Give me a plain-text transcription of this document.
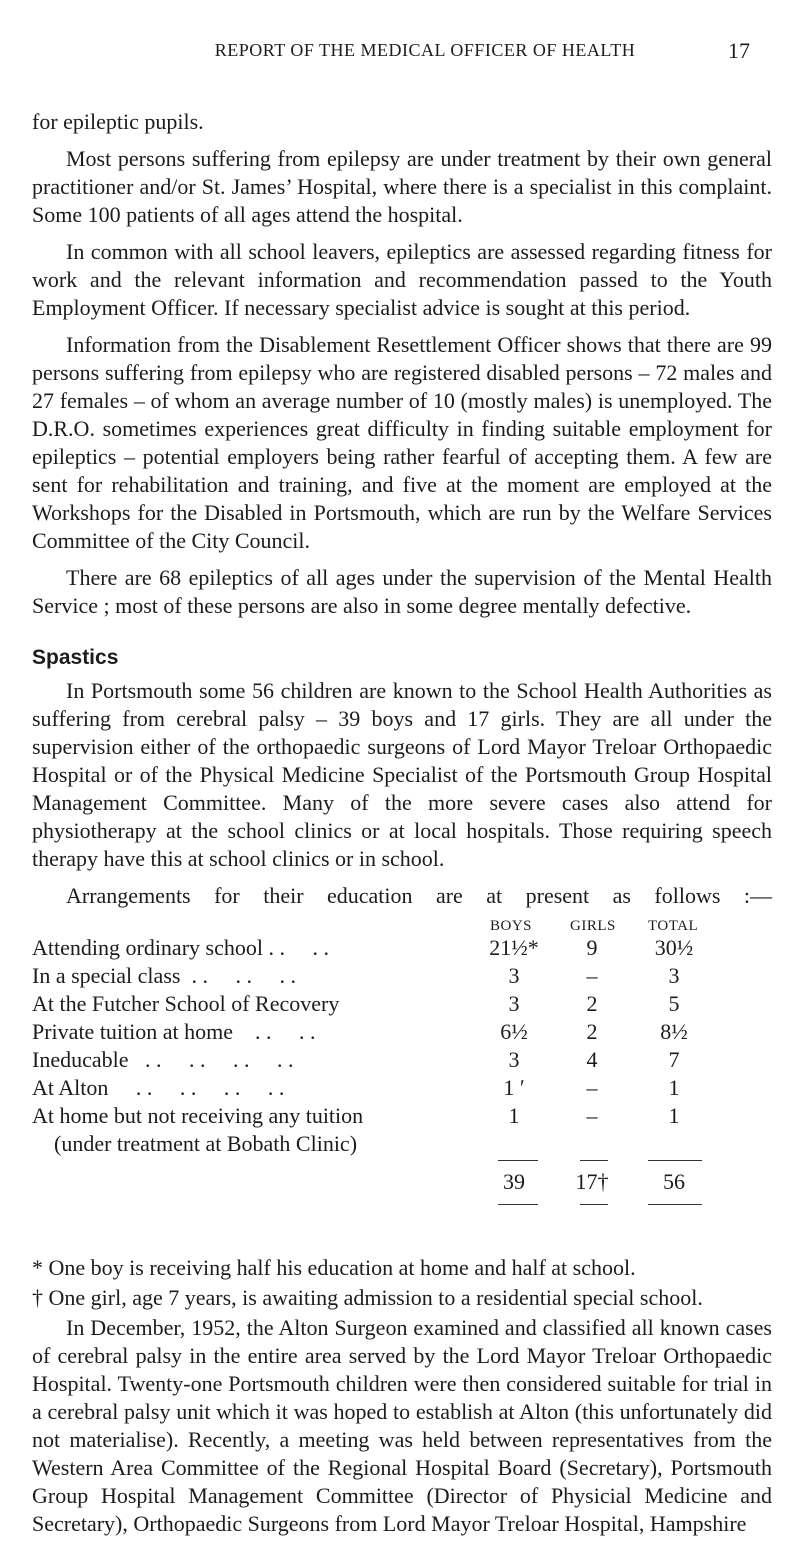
REPORT OF THE MEDICAL OFFICER OF HEALTH	17

for epileptic pupils.

Most persons suffering from epilepsy are under treatment by their own general practitioner and/or St. James’ Hospital, where there is a specialist in this complaint. Some 100 patients of all ages attend the hospital.

In common with all school leavers, epileptics are assessed regarding fitness for work and the relevant information and recommendation passed to the Youth Employment Officer. If necessary specialist advice is sought at this period.

Information from the Disablement Resettlement Officer shows that there are 99 persons suffering from epilepsy who are registered disabled persons – 72 males and 27 females – of whom an average number of 10 (mostly males) is unemployed. The D.R.O. sometimes experiences great difficulty in finding suitable employment for epileptics – potential employers being rather fearful of accepting them. A few are sent for rehabilitation and training, and five at the moment are employed at the Workshops for the Disabled in Portsmouth, which are run by the Welfare Services Committee of the City Council.

There are 68 epileptics of all ages under the supervision of the Mental Health Service ; most of these persons are also in some degree mentally defective.

Spastics

In Portsmouth some 56 children are known to the School Health Authorities as suffering from cerebral palsy – 39 boys and 17 girls. They are all under the supervision either of the orthopaedic surgeons of Lord Mayor Treloar Orthopaedic Hospital or of the Physical Medicine Specialist of the Portsmouth Group Hospital Management Committee. Many of the more severe cases also attend for physiotherapy at the school clinics or at local hospitals. Those requiring speech therapy have this at school clinics or in school.

Arrangements for their education are at present as follows :—

BOYS	GIRLS TOTAL
Attending ordinary school . .     . .	21½*	9	30½
In a special class  . .     . .     . .	3	–	3
At the Futcher School of Recovery	3	2	5
Private tuition at home    . .     . .	6½	2	8½
Ineducable   . .     . .     . .     . .	3	4	7
At Alton     . .     . .     . .     . .	1 ʹ	–	1
At home but not receiving any tuition	1	–	1
(under treatment at Bobath Clinic)
39	17†	56

* One boy is receiving half his education at home and half at school.

† One girl, age 7 years, is awaiting admission to a residential special school.

In December, 1952, the Alton Surgeon examined and classified all known cases of cerebral palsy in the entire area served by the Lord Mayor Treloar Orthopaedic Hospital. Twenty-one Portsmouth children were then considered suitable for trial in a cerebral palsy unit which it was hoped to establish at Alton (this unfortunately did not materialise). Recently, a meeting was held between representatives from the Western Area Committee of the Regional Hospital Board (Secretary), Portsmouth Group Hospital Management Committee (Director of Physicial Medicine and Secretary), Orthopaedic Surgeons from Lord Mayor Treloar Hospital, Hampshire
